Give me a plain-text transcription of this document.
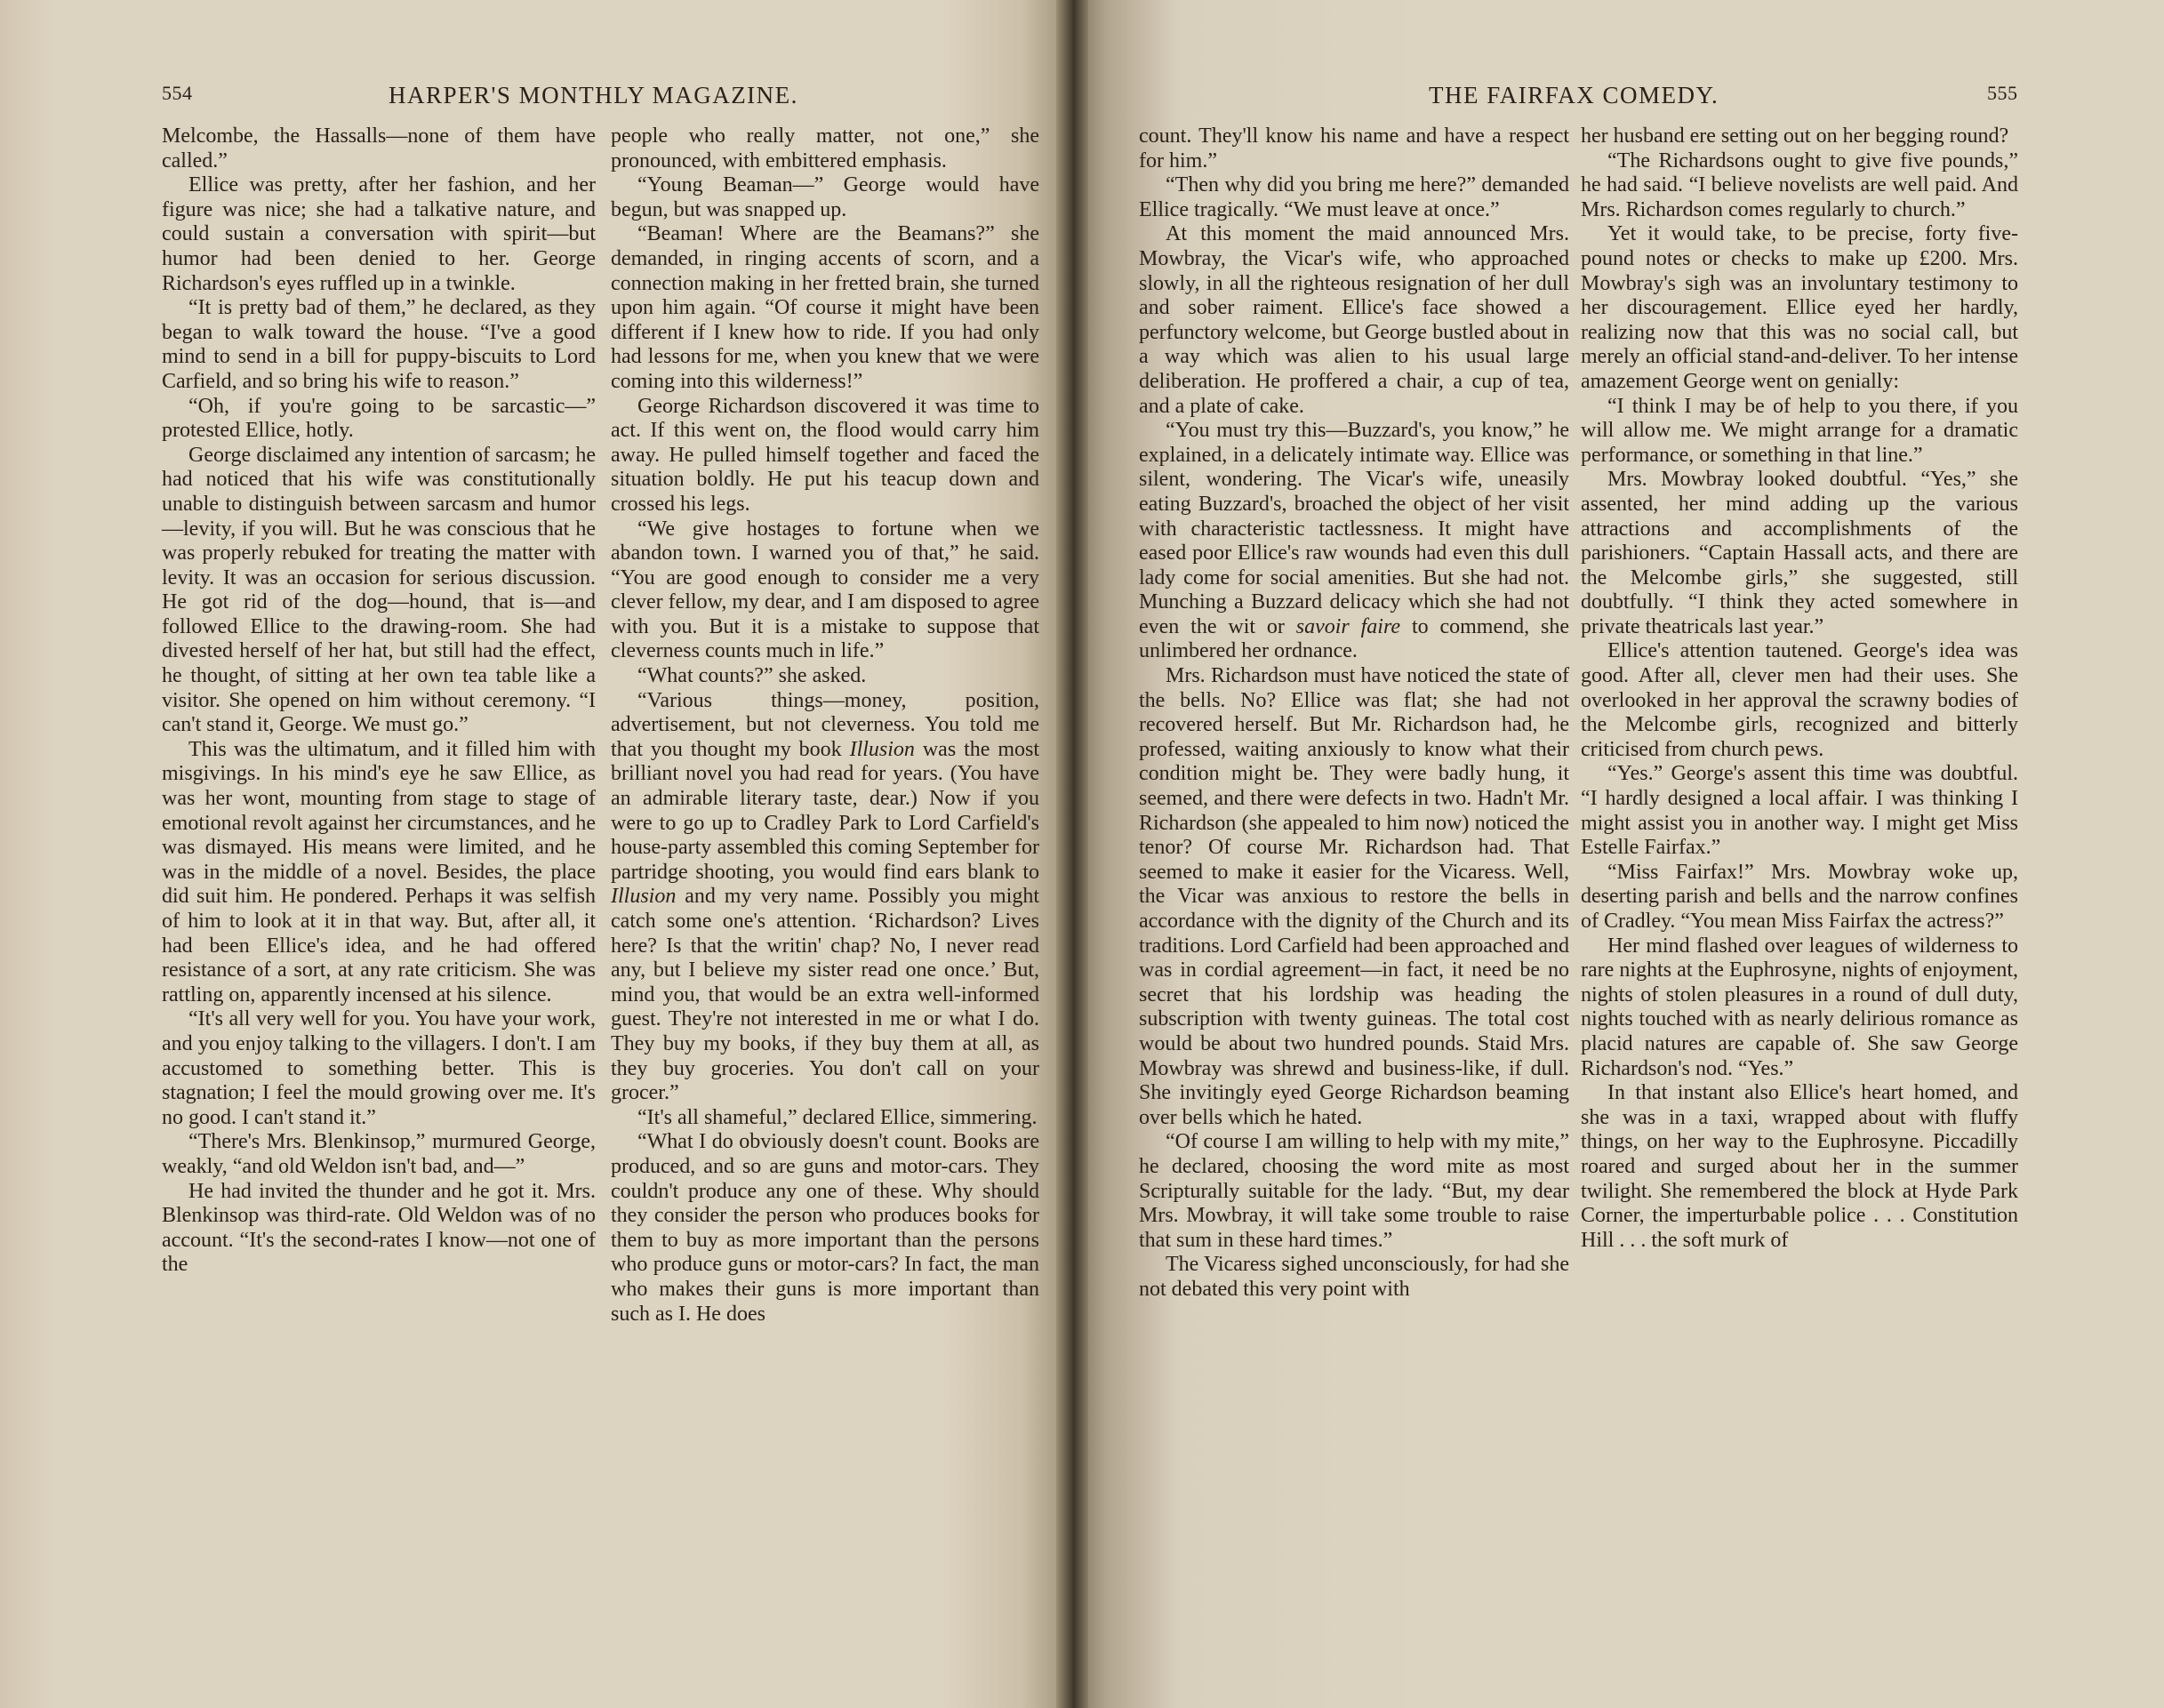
554	HARPER'S MONTHLY MAGAZINE.

Melcombe, the Hassalls—none of them have called.”

Ellice was pretty, after her fashion, and her figure was nice; she had a talkative nature, and could sustain a conversation with spirit—but humor had been denied to her. George Richardson's eyes ruffled up in a twinkle.

“It is pretty bad of them,” he declared, as they began to walk toward the house. “I've a good mind to send in a bill for puppy-biscuits to Lord Carfield, and so bring his wife to reason.”

“Oh, if you're going to be sarcastic—” protested Ellice, hotly.

George disclaimed any intention of sarcasm; he had noticed that his wife was constitutionally unable to distinguish between sarcasm and humor—levity, if you will. But he was conscious that he was properly rebuked for treating the matter with levity. It was an occasion for serious discussion. He got rid of the dog—hound, that is—and followed Ellice to the drawing-room. She had divested herself of her hat, but still had the effect, he thought, of sitting at her own tea table like a visitor. She opened on him without ceremony. “I can't stand it, George. We must go.”

This was the ultimatum, and it filled him with misgivings. In his mind's eye he saw Ellice, as was her wont, mounting from stage to stage of emotional revolt against her circumstances, and he was dismayed. His means were limited, and he was in the middle of a novel. Besides, the place did suit him. He pondered. Perhaps it was selfish of him to look at it in that way. But, after all, it had been Ellice's idea, and he had offered resistance of a sort, at any rate criticism. She was rattling on, apparently incensed at his silence.

“It's all very well for you. You have your work, and you enjoy talking to the villagers. I don't. I am accustomed to something better. This is stagnation; I feel the mould growing over me. It's no good. I can't stand it.”

“There's Mrs. Blenkinsop,” murmured George, weakly, “and old Weldon isn't bad, and—”

He had invited the thunder and he got it. Mrs. Blenkinsop was third-rate. Old Weldon was of no account. “It's the second-rates I know—not one of the

people who really matter, not one,” she pronounced, with embittered emphasis.

“Young Beaman—” George would have begun, but was snapped up.

“Beaman! Where are the Beamans?” she demanded, in ringing accents of scorn, and a connection making in her fretted brain, she turned upon him again. “Of course it might have been different if I knew how to ride. If you had only had lessons for me, when you knew that we were coming into this wilderness!”

George Richardson discovered it was time to act. If this went on, the flood would carry him away. He pulled himself together and faced the situation boldly. He put his teacup down and crossed his legs.

“We give hostages to fortune when we abandon town. I warned you of that,” he said. “You are good enough to consider me a very clever fellow, my dear, and I am disposed to agree with you. But it is a mistake to suppose that cleverness counts much in life.”

“What counts?” she asked.

“Various things—money, position, advertisement, but not cleverness. You told me that you thought my book Illusion was the most brilliant novel you had read for years. (You have an admirable literary taste, dear.) Now if you were to go up to Cradley Park to Lord Carfield's house-party assembled this coming September for partridge shooting, you would find ears blank to Illusion and my very name. Possibly you might catch some one's attention. ‘Richardson? Lives here? Is that the writin' chap? No, I never read any, but I believe my sister read one once.’ But, mind you, that would be an extra well-informed guest. They're not interested in me or what I do. They buy my books, if they buy them at all, as they buy groceries. You don't call on your grocer.”

“It's all shameful,” declared Ellice, simmering.

“What I do obviously doesn't count. Books are produced, and so are guns and motor-cars. They couldn't produce any one of these. Why should they consider the person who produces books for them to buy as more important than the persons who produce guns or motor-cars? In fact, the man who makes their guns is more important than such as I. He does

THE FAIRFAX COMEDY.	555

count. They'll know his name and have a respect for him.”

“Then why did you bring me here?” demanded Ellice tragically. “We must leave at once.”

At this moment the maid announced Mrs. Mowbray, the Vicar's wife, who approached slowly, in all the righteous resignation of her dull and sober raiment. Ellice's face showed a perfunctory welcome, but George bustled about in a way which was alien to his usual large deliberation. He proffered a chair, a cup of tea, and a plate of cake.

“You must try this—Buzzard's, you know,” he explained, in a delicately intimate way. Ellice was silent, wondering. The Vicar's wife, uneasily eating Buzzard's, broached the object of her visit with characteristic tactlessness. It might have eased poor Ellice's raw wounds had even this dull lady come for social amenities. But she had not. Munching a Buzzard delicacy which she had not even the wit or savoir faire to commend, she unlimbered her ordnance.

Mrs. Richardson must have noticed the state of the bells. No? Ellice was flat; she had not recovered herself. But Mr. Richardson had, he professed, waiting anxiously to know what their condition might be. They were badly hung, it seemed, and there were defects in two. Hadn't Mr. Richardson (she appealed to him now) noticed the tenor? Of course Mr. Richardson had. That seemed to make it easier for the Vicaress. Well, the Vicar was anxious to restore the bells in accordance with the dignity of the Church and its traditions. Lord Carfield had been approached and was in cordial agreement—in fact, it need be no secret that his lordship was heading the subscription with twenty guineas. The total cost would be about two hundred pounds. Staid Mrs. Mowbray was shrewd and business-like, if dull. She invitingly eyed George Richardson beaming over bells which he hated.

“Of course I am willing to help with my mite,” he declared, choosing the word mite as most Scripturally suitable for the lady. “But, my dear Mrs. Mowbray, it will take some trouble to raise that sum in these hard times.”

The Vicaress sighed unconsciously, for had she not debated this very point with

her husband ere setting out on her begging round?

“The Richardsons ought to give five pounds,” he had said. “I believe novelists are well paid. And Mrs. Richardson comes regularly to church.”

Yet it would take, to be precise, forty five-pound notes or checks to make up £200. Mrs. Mowbray's sigh was an involuntary testimony to her discouragement. Ellice eyed her hardly, realizing now that this was no social call, but merely an official stand-and-deliver. To her intense amazement George went on genially:

“I think I may be of help to you there, if you will allow me. We might arrange for a dramatic performance, or something in that line.”

Mrs. Mowbray looked doubtful. “Yes,” she assented, her mind adding up the various attractions and accomplishments of the parishioners. “Captain Hassall acts, and there are the Melcombe girls,” she suggested, still doubtfully. “I think they acted somewhere in private theatricals last year.”

Ellice's attention tautened. George's idea was good. After all, clever men had their uses. She overlooked in her approval the scrawny bodies of the Melcombe girls, recognized and bitterly criticised from church pews.

“Yes.” George's assent this time was doubtful. “I hardly designed a local affair. I was thinking I might assist you in another way. I might get Miss Estelle Fairfax.”

“Miss Fairfax!” Mrs. Mowbray woke up, deserting parish and bells and the narrow confines of Cradley. “You mean Miss Fairfax the actress?”

Her mind flashed over leagues of wilderness to rare nights at the Euphrosyne, nights of enjoyment, nights of stolen pleasures in a round of dull duty, nights touched with as nearly delirious romance as placid natures are capable of. She saw George Richardson's nod. “Yes.”

In that instant also Ellice's heart homed, and she was in a taxi, wrapped about with fluffy things, on her way to the Euphrosyne. Piccadilly roared and surged about her in the summer twilight. She remembered the block at Hyde Park Corner, the imperturbable police . . . Constitution Hill . . . the soft murk of
